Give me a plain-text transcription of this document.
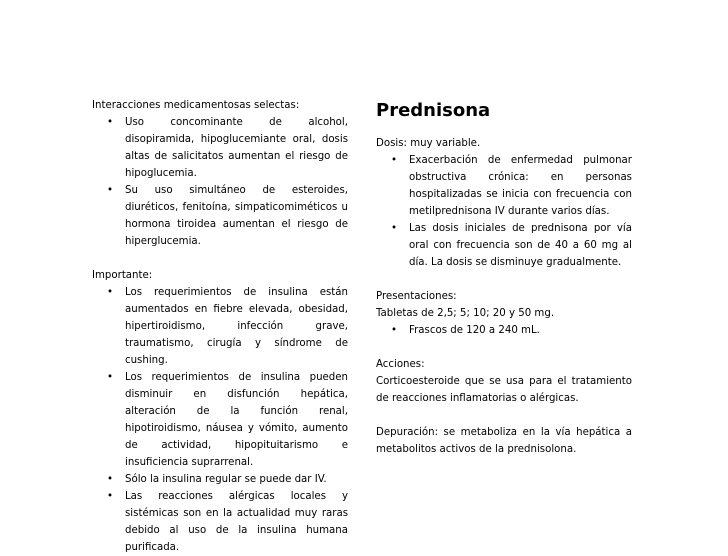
Interacciones medicamentosas selectas:

• Uso concominante de alcohol, disopiramida, hipoglucemiante oral, dosis altas de salicitatos aumentan el riesgo de hipoglucemia.
• Su uso simultáneo de esteroides, diuréticos, fenitoína, simpaticomiméticos u hormona tiroidea aumentan el riesgo de hiperglucemia.

Importante:

• Los requerimientos de insulina están aumentados en fiebre elevada, obesidad, hipertiroidismo, infección grave, traumatismo, cirugía y síndrome de cushing.
• Los requerimientos de insulina pueden disminuir en disfunción hepática, alteración de la función renal, hipotiroidismo, náusea y vómito, aumento de actividad, hipopituitarismo e insuficiencia suprarrenal.
• Sólo la insulina regular se puede dar IV.
• Las reacciones alérgicas locales y sistémicas son en la actualidad muy raras debido al uso de la insulina humana purificada.

Prednisona

Dosis: muy variable.

• Exacerbación de enfermedad pulmonar obstructiva crónica: en personas hospitalizadas se inicia con frecuencia con metilprednisona IV durante varios días.
• Las dosis iniciales de prednisona por vía oral con frecuencia son de 40 a 60 mg al día. La dosis se disminuye gradualmente.

Presentaciones:

Tabletas de 2,5; 5; 10; 20 y 50 mg.

• Frascos de 120 a 240 mL.

Acciones:

Corticoesteroide que se usa para el tratamiento de reacciones inflamatorias o alérgicas.

Depuración: se metaboliza en la vía hepática a metabolitos activos de la prednisolona.
